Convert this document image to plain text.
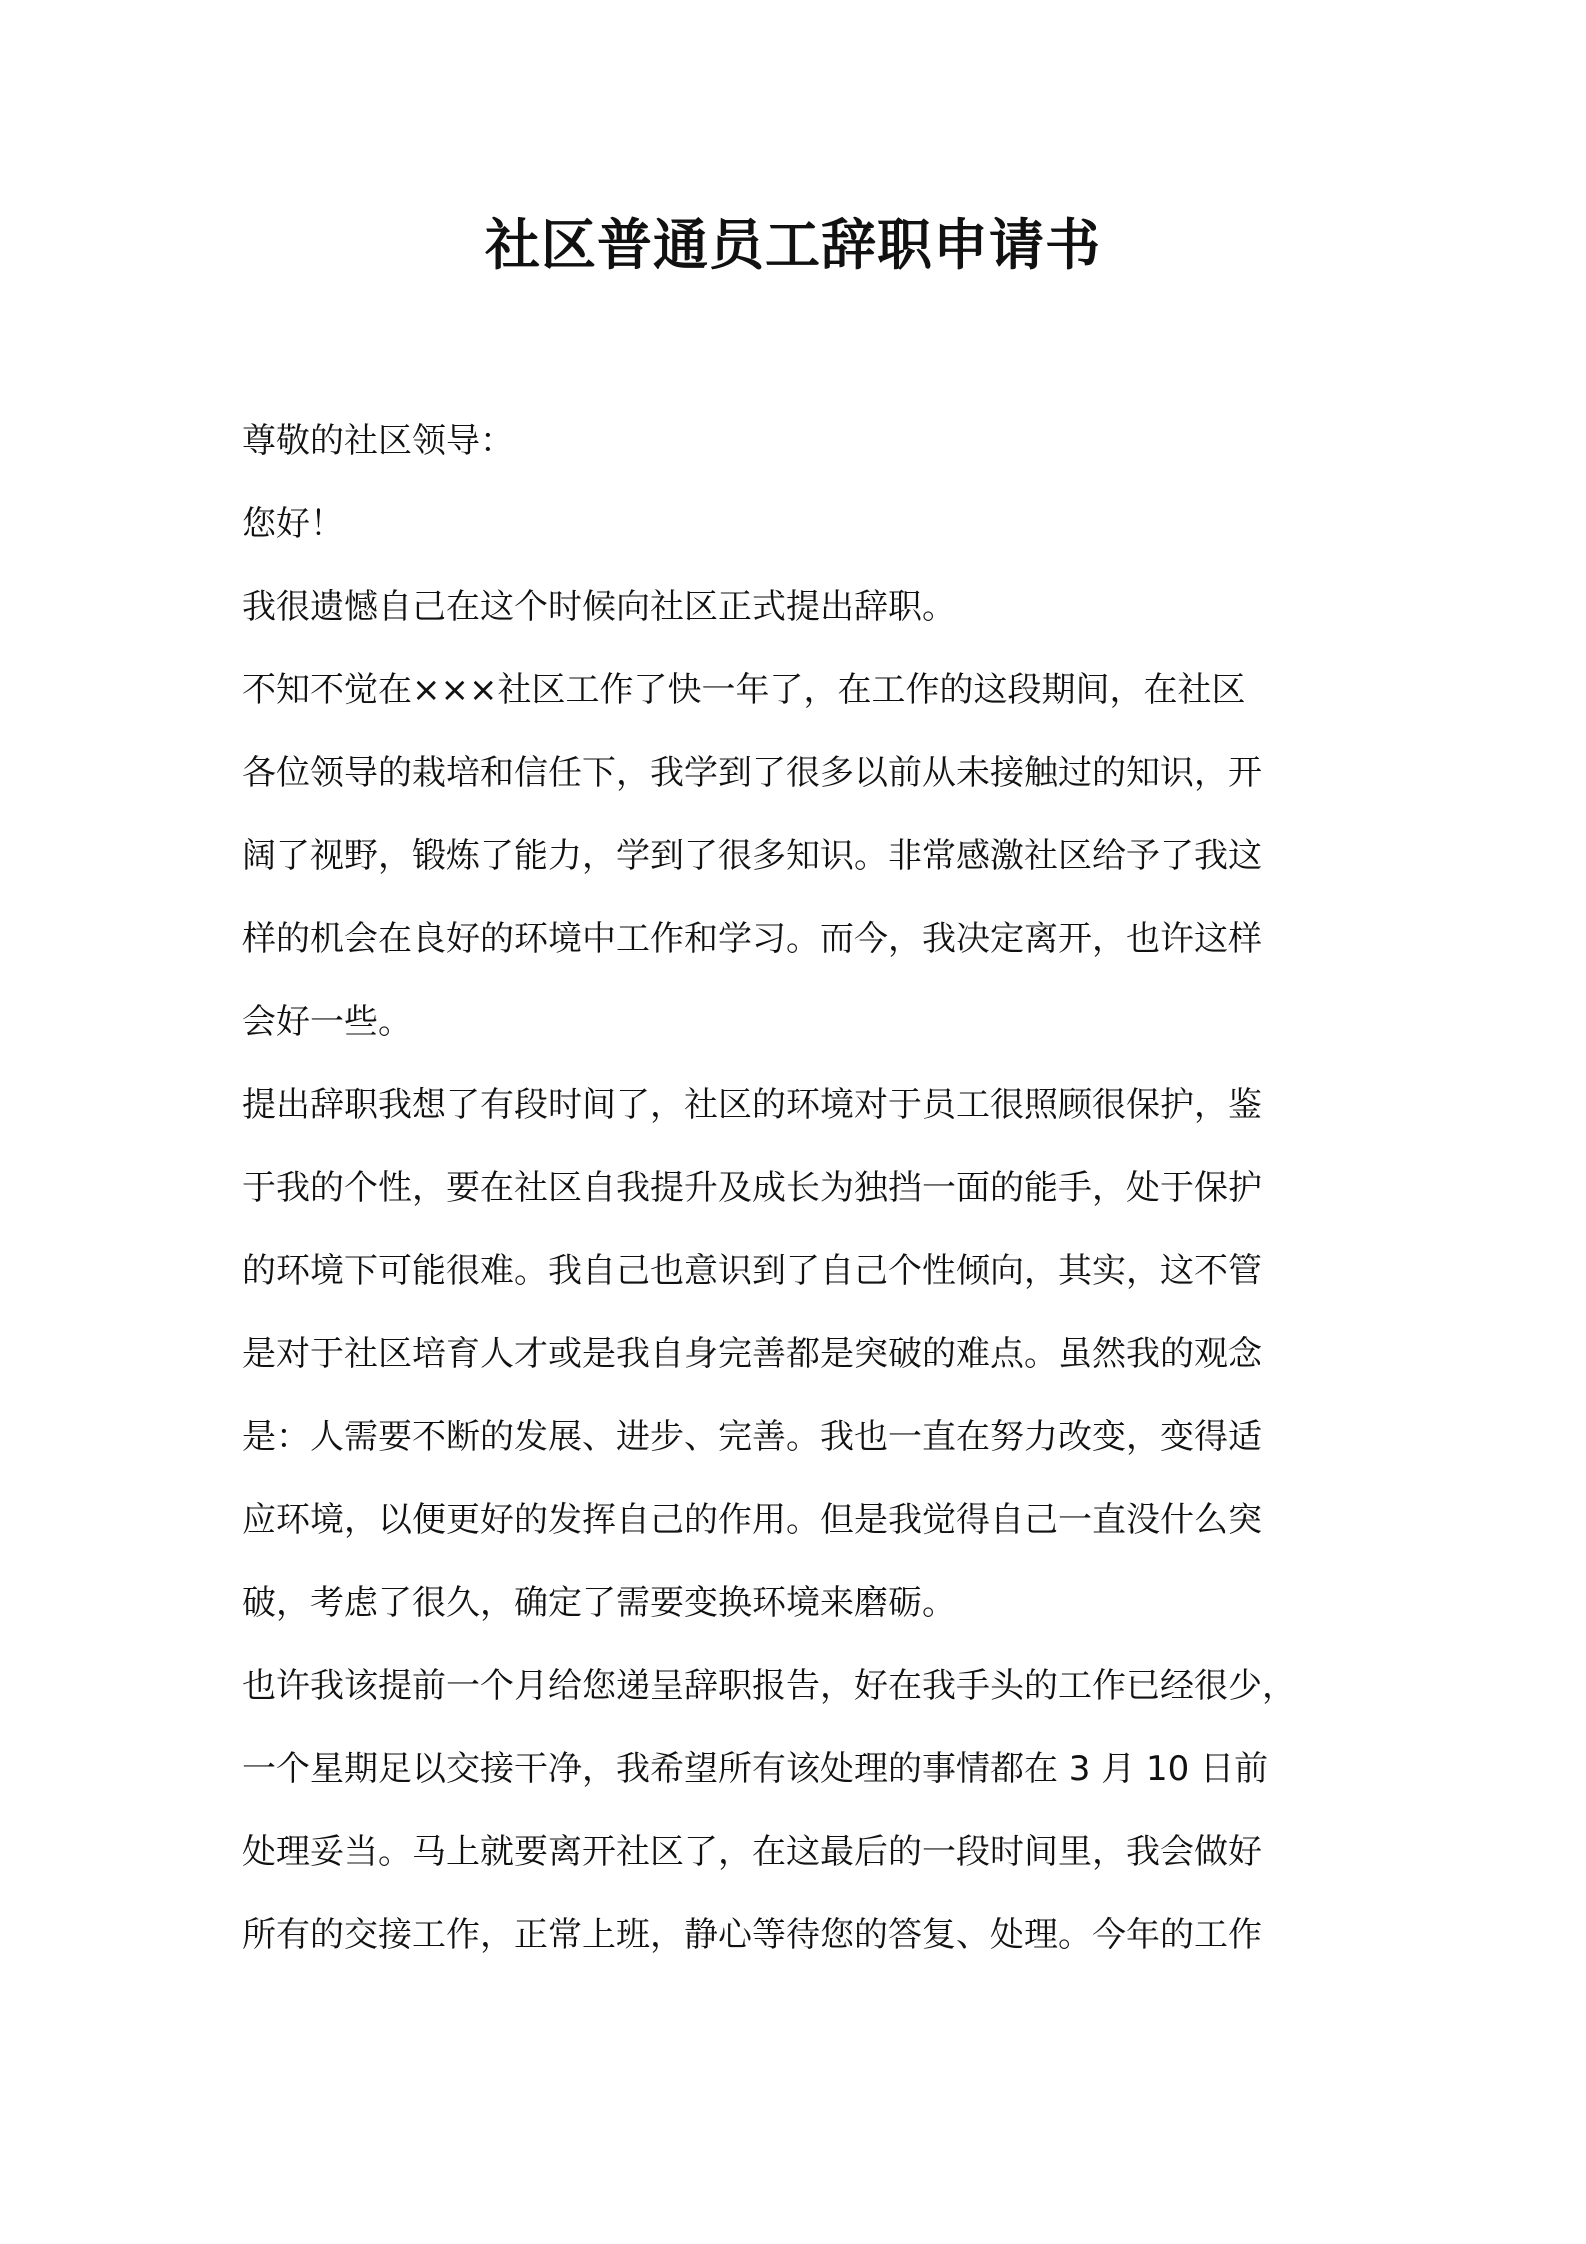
社区普通员工辞职申请书
尊敬的社区领导：
您好！
我很遗憾自己在这个时候向社区正式提出辞职。
不知不觉在×××社区工作了快一年了，在工作的这段期间，在社区
各位领导的栽培和信任下，我学到了很多以前从未接触过的知识，开
阔了视野，锻炼了能力，学到了很多知识。非常感激社区给予了我这
样的机会在良好的环境中工作和学习。而今，我决定离开，也许这样
会好一些。
提出辞职我想了有段时间了，社区的环境对于员工很照顾很保护，鉴
于我的个性，要在社区自我提升及成长为独挡一面的能手，处于保护
的环境下可能很难。我自己也意识到了自己个性倾向，其实，这不管
是对于社区培育人才或是我自身完善都是突破的难点。虽然我的观念
是：人需要不断的发展、进步、完善。我也一直在努力改变，变得适
应环境，以便更好的发挥自己的作用。但是我觉得自己一直没什么突
破，考虑了很久，确定了需要变换环境来磨砺。
也许我该提前一个月给您递呈辞职报告，好在我手头的工作已经很少，
一个星期足以交接干净，我希望所有该处理的事情都在 3 月 10 日前
处理妥当。马上就要离开社区了，在这最后的一段时间里，我会做好
所有的交接工作，正常上班，静心等待您的答复、处理。今年的工作
